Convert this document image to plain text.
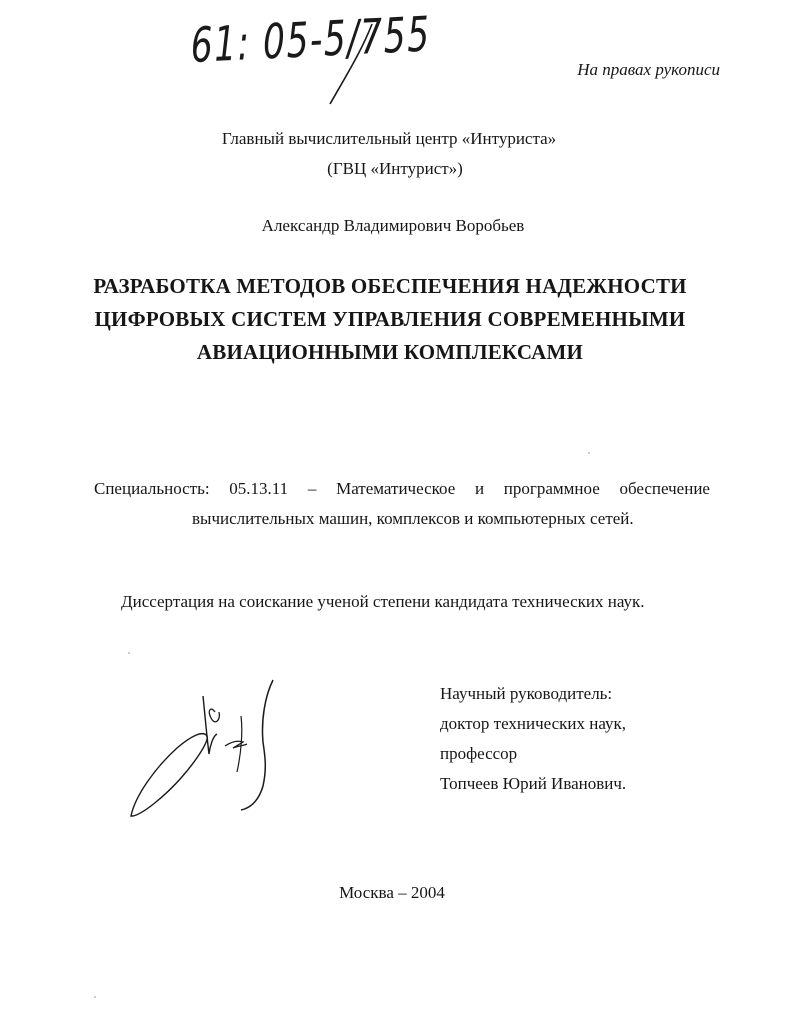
61: 05-5/755	На правах рукописи
Главный вычислительный центр «Интуриста»
(ГВЦ «Интурист»)
Александр Владимирович Воробьев
РАЗРАБОТКА МЕТОДОВ ОБЕСПЕЧЕНИЯ НАДЕЖНОСТИ
ЦИФРОВЫХ СИСТЕМ УПРАВЛЕНИЯ СОВРЕМЕННЫМИ
АВИАЦИОННЫМИ КОМПЛЕКСАМИ
Специальность: 05.13.11 – Математическое и программное обеспечение
вычислительных машин, комплексов и компьютерных сетей.
Диссертация на соискание ученой степени кандидата технических наук.
Научный руководитель:
доктор технических наук,
профессор
Топчеев Юрий Иванович.
Москва – 2004
